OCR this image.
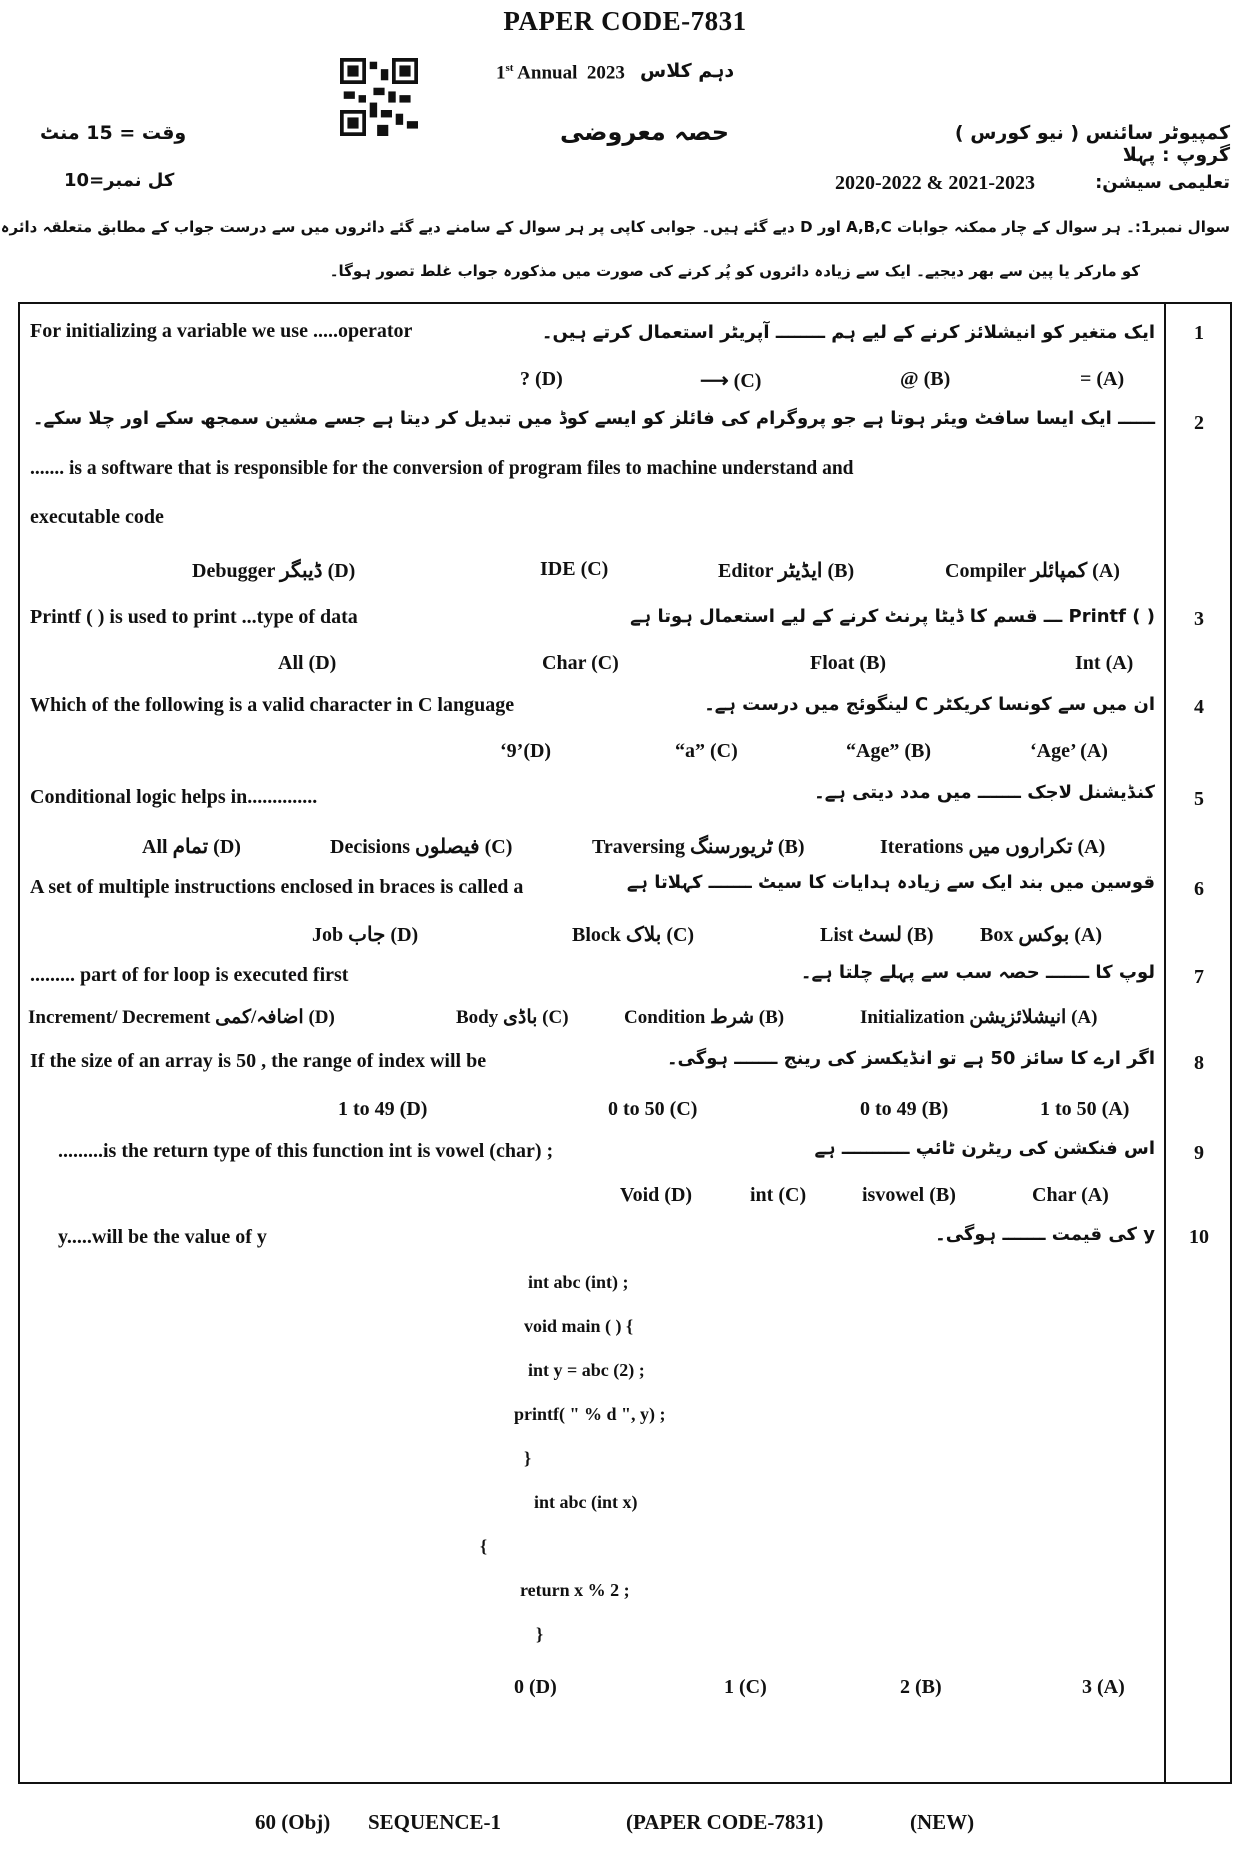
PAPER CODE-7831
1st Annual  2023 دہم کلاس
حصہ معروضی	کمپیوٹر سائنس ( نیو کورس ) گروپ : پہلا
وقت = 15 منٹ
تعلیمی سیشن:
2020-2022 & 2021-2023
کل نمبر=10
سوال نمبر1:۔ ہر سوال کے چار ممکنہ جوابات A,B,C اور D دیے گئے ہیں۔ جوابی کاپی پر ہر سوال کے سامنے دیے گئے دائروں میں سے درست جواب کے مطابق متعلقہ دائرہ
کو مارکر یا پین سے بھر دیجیے۔ ایک سے زیادہ دائروں کو پُر کرنے کی صورت میں مذکورہ جواب غلط تصور ہوگا۔
1
For initializing a variable we use .....operator	ایک متغیر کو انیشلائز کرنے کے لیے ہم ــــــــ آپریٹر استعمال کرتے ہیں۔
? (D)	⟶ (C)	@ (B)	= (A)
2
ــــــ ایک ایسا سافٹ ویئر ہوتا ہے جو پروگرام کی فائلز کو ایسے کوڈ میں تبدیل کر دیتا ہے جسے مشین سمجھ سکے اور چلا سکے۔
....... is a software that is responsible for the conversion of program files to machine understand and
executable code
Debugger ڈیبگر (D)	IDE (C)	Editor ایڈیٹر (B)	Compiler کمپائلر (A)
3
Printf ( ) is used to print ...type of data	( ) Printf ـــ قسم کا ڈیٹا پرنٹ کرنے کے لیے استعمال ہوتا ہے
All (D)	Char (C)	Float (B)	Int (A)
4
Which of the following is a valid character in C language	ان میں سے کونسا کریکٹر C لینگوئج میں درست ہے۔
‘9’(D)	“a” (C)	“Age” (B)	‘Age’ (A)
5
Conditional logic helps in..............	کنڈیشنل لاجک ـــــــ میں مدد دیتی ہے۔
All تمام (D)	Decisions فیصلوں (C)	Traversing ٹریورسنگ (B)	Iterations تکراروں میں (A)
6
A set of multiple instructions enclosed in braces is called a	قوسین میں بند ایک سے زیادہ ہدایات کا سیٹ ـــــــ کہلاتا ہے
Job جاب (D)	Block بلاک (C)	List لسٹ (B) Box بوکس (A)
7
......... part of for loop is executed first	لوپ کا ـــــــ حصہ سب سے پہلے چلتا ہے۔
Increment/ Decrement اضافہ/کمی (D)	Body باڈی (C)	Condition شرط (B)	Initialization انیشلائزیشن (A)
8
If the size of an array is 50 , the range of index will be	اگر ارے کا سائز 50 ہے تو انڈیکسز کی رینج ـــــــ ہوگی۔
1 to 49 (D)	0 to 50 (C)	0 to 49 (B)	1 to 50 (A)
9
.........is the return type of this function int is vowel (char) ;	اس فنکشن کی ریٹرن ٹائپ ـــــــــــ ہے
Void (D)	int (C)	isvowel (B)	Char (A)
10
y.....will be the value of y	y کی قیمت ـــــــ ہوگی۔
int abc (int) ;
void main ( ) {
int y = abc (2) ;
printf( " % d ", y) ;
}
int abc (int x)
{
return x % 2 ;
}
0 (D)	1 (C)	2 (B)	3 (A)
60 (Obj) SEQUENCE-1	(PAPER CODE-7831)	(NEW)
